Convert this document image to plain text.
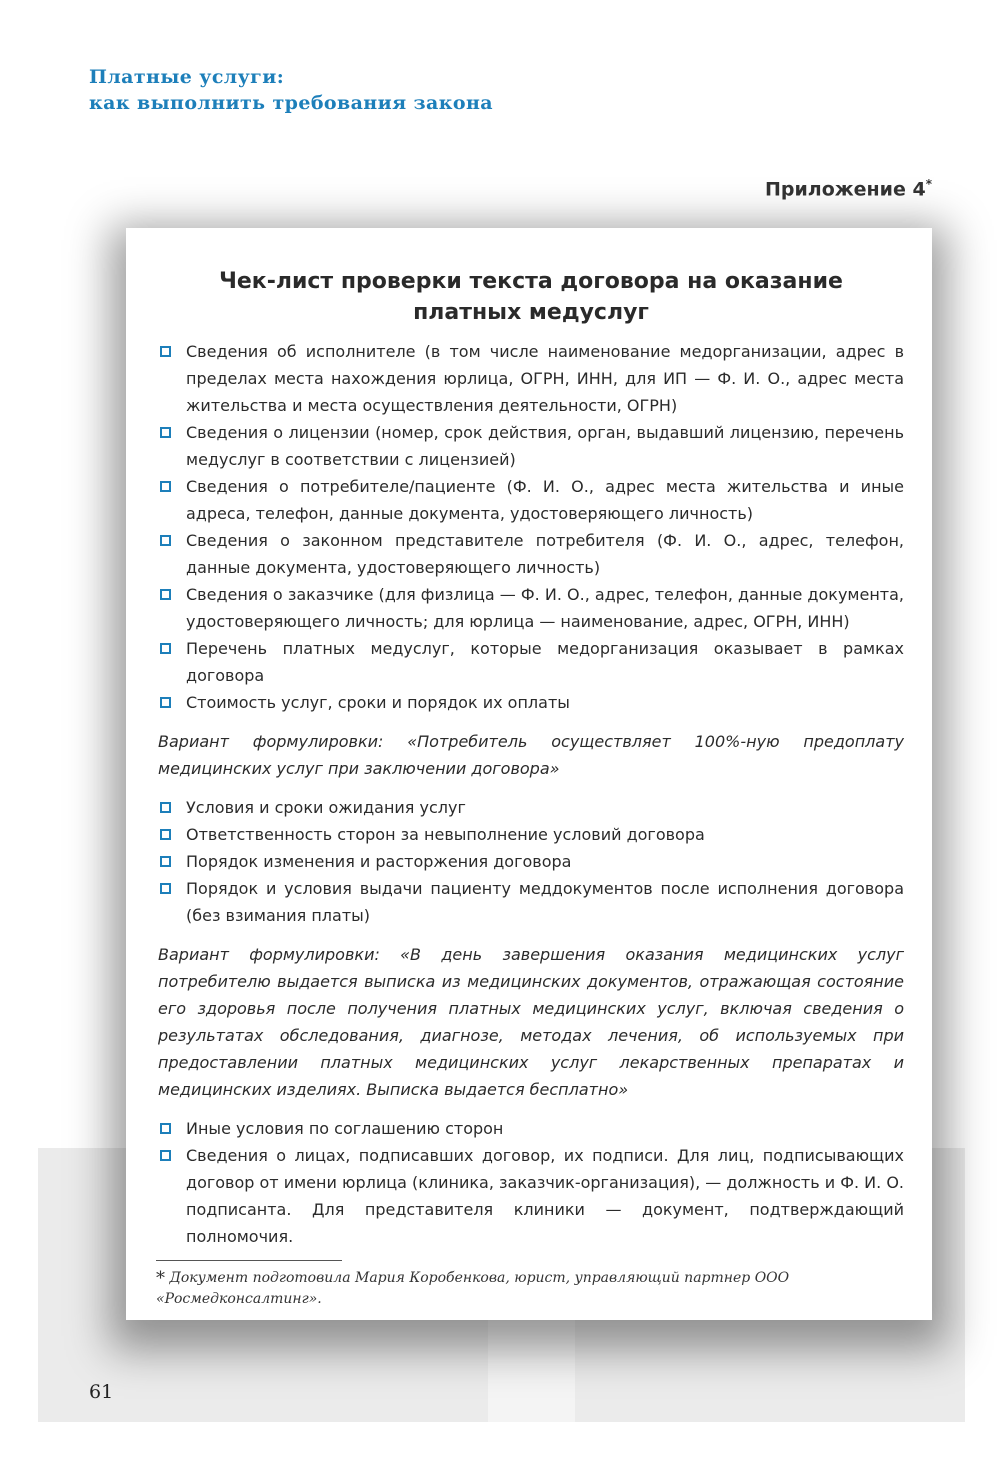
Платные услуги:
как выполнить требования закона
Приложение 4*
Чек-лист проверки текста договора на оказание
платных медуслуг
Сведения об исполнителе (в том числе наименование медорганизации, адрес в пределах места нахождения юрлица, ОГРН, ИНН, для ИП — Ф. И. О., адрес места жительства и места осуществления деятельности, ОГРН)
Сведения о лицензии (номер, срок действия, орган, выдавший лицензию, перечень медуслуг в соответствии с лицензией)
Сведения о потребителе/пациенте (Ф. И. О., адрес места жительства и иные адреса, телефон, данные документа, удостоверяющего личность)
Сведения о законном представителе потребителя (Ф. И. О., адрес, телефон, данные документа, удостоверяющего личность)
Сведения о заказчике (для физлица — Ф. И. О., адрес, телефон, данные документа, удостоверяющего личность; для юрлица — наименование, адрес, ОГРН, ИНН)
Перечень платных медуслуг, которые медорганизация оказывает в рамках договора
Стоимость услуг, сроки и порядок их оплаты
Вариант формулировки: «Потребитель осуществляет 100%-ную предоплату медицинских услуг при заключении договора»
Условия и сроки ожидания услуг
Ответственность сторон за невыполнение условий договора
Порядок изменения и расторжения договора
Порядок и условия выдачи пациенту меддокументов после исполнения договора (без взимания платы)
Вариант формулировки: «В день завершения оказания медицинских услуг потребителю выдается выписка из медицинских документов, отражающая состояние его здоровья после получения платных медицинских услуг, включая сведения о результатах обследования, диагнозе, методах лечения, об используемых при предоставлении платных медицинских услуг лекарственных препаратах и медицинских изделиях. Выписка выдается бесплатно»
Иные условия по соглашению сторон
Сведения о лицах, подписавших договор, их подписи. Для лиц, подписывающих договор от имени юрлица (клиника, заказчик-организация), — должность и Ф. И. О. подписанта. Для представителя клиники — документ, подтверждающий полномочия.
* Документ подготовила Мария Коробенкова, юрист, управляющий партнер ООО «Росмедконсалтинг».
61
